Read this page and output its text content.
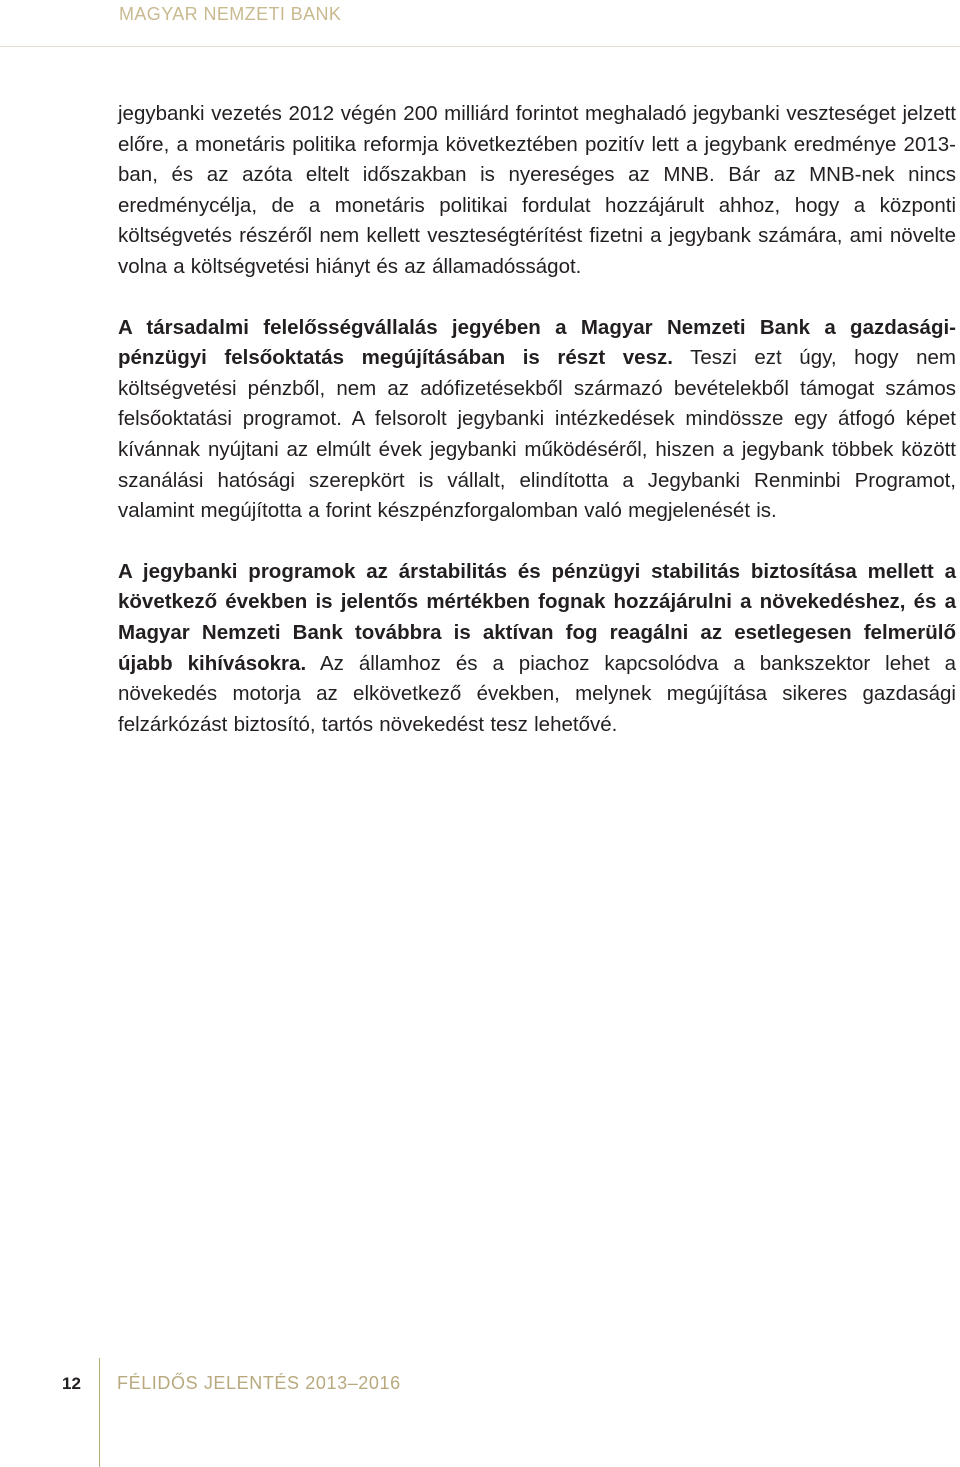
MAGYAR NEMZETI BANK

jegybanki vezetés 2012 végén 200 milliárd forintot meghaladó jegybanki veszteséget jelzett előre, a monetáris politika reformja következtében pozitív lett a jegybank eredménye 2013-ban, és az azóta eltelt időszakban is nyereséges az MNB. Bár az MNB-nek nincs eredménycélja, de a monetáris politikai fordulat hozzájárult ahhoz, hogy a központi költségvetés részéről nem kellett veszteségtérítést fizetni a jegybank számára, ami növelte volna a költségvetési hiányt és az államadósságot.

A társadalmi felelősségvállalás jegyében a Magyar Nemzeti Bank a gazdasági-pénzügyi felsőoktatás megújításában is részt vesz. Teszi ezt úgy, hogy nem költségvetési pénzből, nem az adófizetésekből származó bevételekből támogat számos felsőoktatási programot. A felsorolt jegybanki intézkedések mindössze egy átfogó képet kívánnak nyújtani az elmúlt évek jegybanki működéséről, hiszen a jegybank többek között szanálási hatósági szerepkört is vállalt, elindította a Jegybanki Renminbi Programot, valamint megújította a forint készpénzforgalomban való megjelenését is.

A jegybanki programok az árstabilitás és pénzügyi stabilitás biztosítása mellett a következő években is jelentős mértékben fognak hozzájárulni a növekedéshez, és a Magyar Nemzeti Bank továbbra is aktívan fog reagálni az esetlegesen felmerülő újabb kihívásokra. Az államhoz és a piachoz kapcsolódva a bankszektor lehet a növekedés motorja az elkövetkező években, melynek megújítása sikeres gazdasági felzárkózást biztosító, tartós növekedést tesz lehetővé.

12 FÉLIDŐS JELENTÉS 2013–2016
